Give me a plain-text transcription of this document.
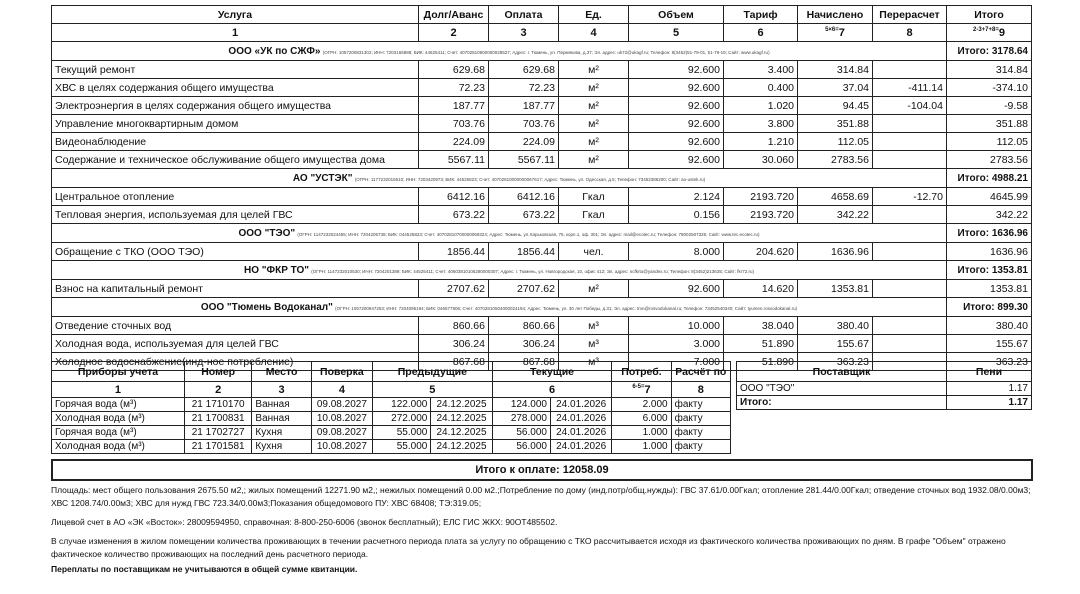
Услуга	Долг/Аванс	Оплата	Ед.	Объем	Тариф	Начислено	Перерасчет	Итого
1	2	3	4	5	6	$^{5\times 6=}$7	8	$^{2-3+7+8=}$9
ООО «УК по СЖФ» (ОГРН: 1057200831302; ИНН: 7203165888; БИК: 44525411; Счет: 40702810900000028527; Адрес: г. Тюмень, ул. Пермякова, д.37; Эл. адрес: uk72@ukagf.ru; Телефон: 8(3452)51-79-01, 51-79-19; Сайт: www.ukagf.ru)								Итого: 3178.64
Текущий ремонт	629.68	629.68	м²	92.600	3.400	314.84		314.84
ХВС в целях содержания общего имущества	72.23	72.23	м²	92.600	0.400	37.04	-411.14	-374.10
Электроэнергия в целях содержания общего имущества	187.77	187.77	м²	92.600	1.020	94.45	-104.04	-9.58
Управление многоквартирным домом	703.76	703.76	м²	92.600	3.800	351.88		351.88
Видеонаблюдение	224.09	224.09	м²	92.600	1.210	112.05		112.05
Содержание и техническое обслуживание общего имущества дома	5567.11	5567.11	м²	92.600	30.060	2783.56		2783.56
АО "УСТЭК" (ОГРН: 1177232016510; ИНН: 7203420973; БИК: 44525823; Счет: 40702810000000067617; Адрес: Тюмень, ул. Одесская, д.5; Телефон: 73452386200; Сайт: ao-ustek.ru)								Итого: 4988.21
Центральное отопление	6412.16	6412.16	Гкал	2.124	2193.720	4658.69	-12.70	4645.99
Тепловая энергия, используемая для целей ГВС	673.22	673.22	Гкал	0.156	2193.720	342.22		342.22
ООО "ТЭО" (ОГРН: 1147232024455; ИНН: 7204205739; БИК: 044525823; Счет: 40702810700000069324; Адрес: Тюмень, ул.Харьковская, 75, корп.1, оф. 301; Эл. адрес: mail@ecotec.ru; Телефон: 78002507326; Сайт: www.tec.ecotec.ru)								Итого: 1636.96
Обращение с ТКО (ООО ТЭО)	1856.44	1856.44	чел.	8.000	204.620	1636.96		1636.96
НО "ФКР ТО" (ОГРН: 1147232010530; ИНН: 7204201389; БИК: 44525411; Счет: 40603810106280000307; Адрес: г. Тюмень, ул. Новгородская, 10, офис 412; Эл. адрес: ncfkrto@yandex.ru; Телефон: 8(3452)213635; Сайт: fkr72.ru)								Итого: 1353.81
Взнос на капитальный ремонт	2707.62	2707.62	м²	92.600	14.620	1353.81		1353.81
ООО "Тюмень Водоканал" (ОГРН: 1057200947253; ИНН: 7204095194; БИК: 046577906; Счет: 40702810504000024194; Адрес: Тюмень, ул. 30 лет Победы, д.31; Эл. адрес: tmn@rosvodokanal.ru; Телефон: 73452540340; Сайт: tyumen.rosvodokanal.ru)								Итого: 899.30
Отведение сточных вод	860.66	860.66	м³	10.000	38.040	380.40		380.40
Холодная вода, используемая для целей ГВС	306.24	306.24	м³	3.000	51.890	155.67		155.67
Холодное водоснабжение(инд-ное потребление)	867.68	867.68	м³	7.000	51.890	363.23		363.23
Приборы учета	Номер	Место	Поверка	Предыдущие		Текущие		Потреб.	Расчёт по
1	2	3	4	5		6		$^{6-5=}$7	8
Горячая вода (м³)	21 1710170	Ванная	09.08.2027	122.000	24.12.2025	124.000	24.01.2026	2.000	факту
Холодная вода (м³)	21 1700831	Ванная	10.08.2027	272.000	24.12.2025	278.000	24.01.2026	6.000	факту
Горячая вода (м³)	21 1702727	Кухня	09.08.2027	55.000	24.12.2025	56.000	24.01.2026	1.000	факту
Холодная вода (м³)	21 1701581	Кухня	10.08.2027	55.000	24.12.2025	56.000	24.01.2026	1.000	факту
Поставщик	Пени
ООО "ТЭО"	1.17
Итого:	1.17
Итого к оплате: 12058.09

Площадь: мест общего пользования 2675.50 м2,; жилых помещений 12271.90 м2,; нежилых помещений 0.00 м2.;Потребление по дому (инд.потр/общ.нужды): ГВС 37.61/0.00Гкал; отопление 281.44/0.00Гкал; отведение сточных вод 1932.08/0.00м3; ХВС 1208.74/0.00м3; ХВС для нужд ГВС 723.34/0.00м3;Показания общедомового ПУ: ХВС 68408; ТЭ:319.05;

Лицевой счет в АО «ЭК «Восток»: 28009594950, справочная: 8-800-250-6006 (звонок бесплатный); ЕЛС ГИС ЖКХ: 90ОТ485502.

В случае изменения в жилом помещении количества проживающих в течении расчетного периода плата за услугу по обращению с ТКО рассчитывается исходя из фактического количества проживающих по дням. В графе "Объем" отражено фактическое количество проживающих на последний день расчетного периода.

Переплаты по поставщикам не учитываются в общей сумме квитанции.
